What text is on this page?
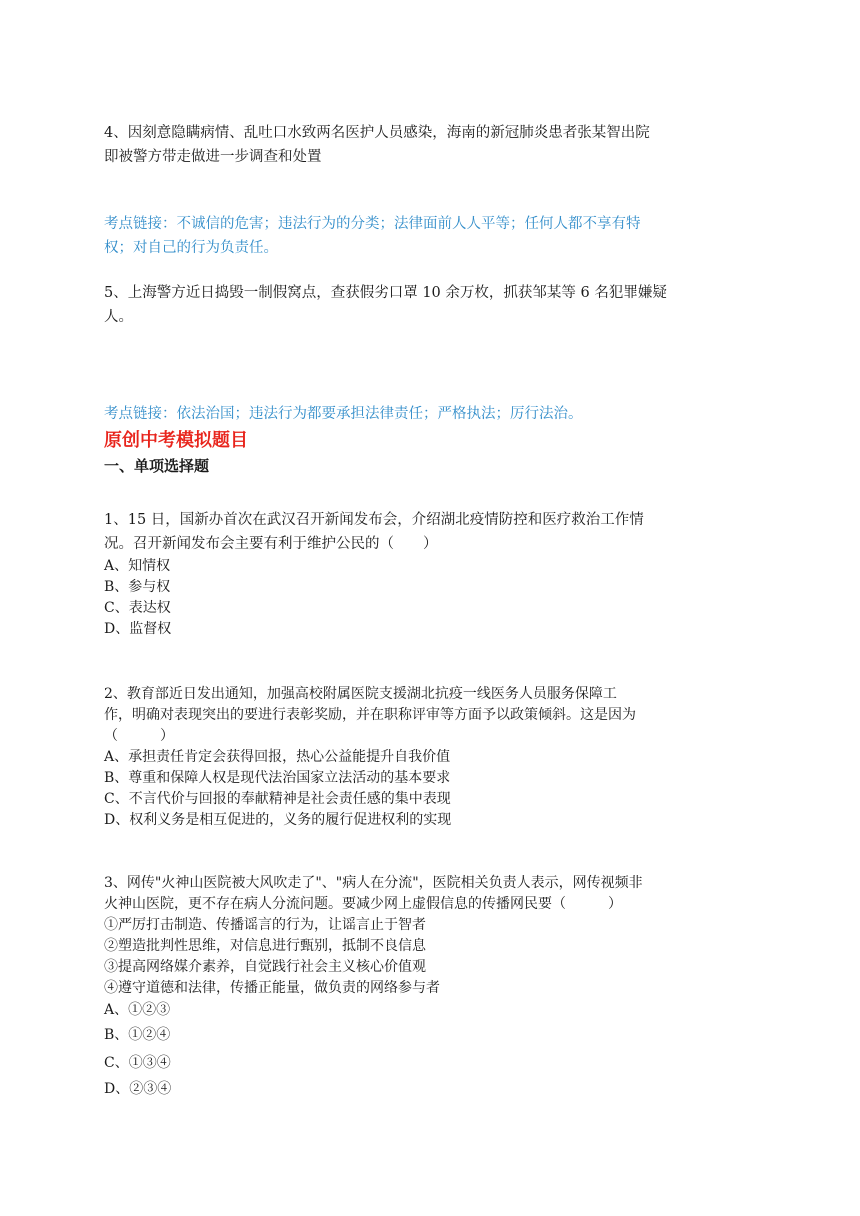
4、因刻意隐瞒病情、乱吐口水致两名医护人员感染，海南的新冠肺炎患者张某智出院
即被警方带走做进一步调查和处置
考点链接：不诚信的危害；违法行为的分类；法律面前人人平等；任何人都不享有特
权；对自己的行为负责任。
5、上海警方近日捣毁一制假窝点，查获假劣口罩 10 余万枚，抓获邹某等 6 名犯罪嫌疑
人。
考点链接：依法治国；违法行为都要承担法律责任；严格执法；厉行法治。
原创中考模拟题目
一、单项选择题
1、15 日，国新办首次在武汉召开新闻发布会，介绍湖北疫情防控和医疗救治工作情
况。召开新闻发布会主要有利于维护公民的（　　）
A、知情权
B、参与权
C、表达权
D、监督权
2、教育部近日发出通知，加强高校附属医院支援湖北抗疫一线医务人员服务保障工
作，明确对表现突出的要进行表彰奖励，并在职称评审等方面予以政策倾斜。这是因为
（　　　）
A、承担责任肯定会获得回报，热心公益能提升自我价值
B、尊重和保障人权是现代法治国家立法活动的基本要求
C、不言代价与回报的奉献精神是社会责任感的集中表现
D、权利义务是相互促进的，义务的履行促进权利的实现
3、网传"火神山医院被大风吹走了"、"病人在分流"，医院相关负责人表示，网传视频非
火神山医院，更不存在病人分流问题。要减少网上虚假信息的传播网民要（　　　）
①严厉打击制造、传播谣言的行为，让谣言止于智者
②塑造批判性思维，对信息进行甄别，抵制不良信息
③提高网络媒介素养，自觉践行社会主义核心价值观
④遵守道德和法律，传播正能量，做负责的网络参与者
A、①②③
B、①②④
C、①③④
D、②③④
